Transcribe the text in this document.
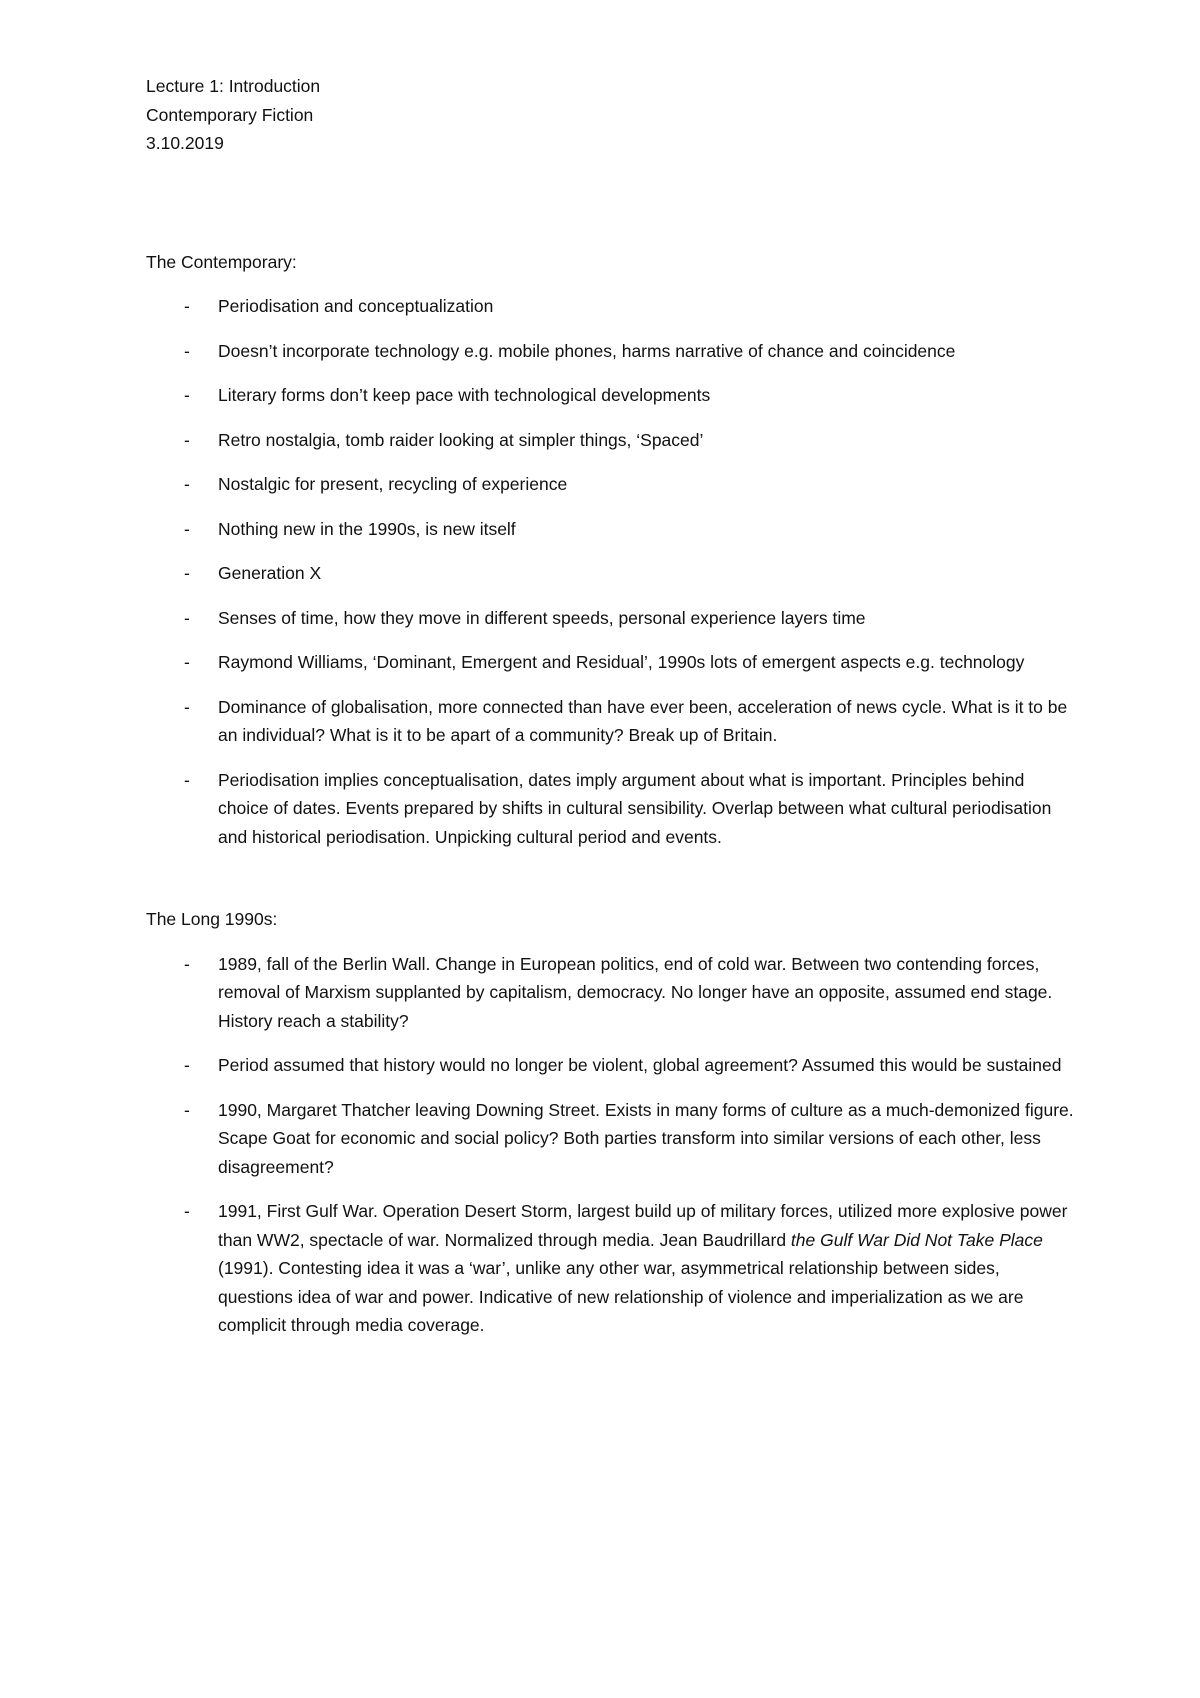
Lecture 1: Introduction
Contemporary Fiction
3.10.2019

The Contemporary:

- Periodisation and conceptualization
- Doesn’t incorporate technology e.g. mobile phones, harms narrative of chance and coincidence
- Literary forms don’t keep pace with technological developments
- Retro nostalgia, tomb raider looking at simpler things, ‘Spaced’
- Nostalgic for present, recycling of experience
- Nothing new in the 1990s, is new itself
- Generation X
- Senses of time, how they move in different speeds, personal experience layers time
- Raymond Williams, ‘Dominant, Emergent and Residual’, 1990s lots of emergent aspects e.g. technology
- Dominance of globalisation, more connected than have ever been, acceleration of news cycle. What is it to be an individual? What is it to be apart of a community? Break up of Britain.
- Periodisation implies conceptualisation, dates imply argument about what is important. Principles behind choice of dates. Events prepared by shifts in cultural sensibility. Overlap between what cultural periodisation and historical periodisation. Unpicking cultural period and events.

The Long 1990s:

- 1989, fall of the Berlin Wall. Change in European politics, end of cold war. Between two contending forces, removal of Marxism supplanted by capitalism, democracy. No longer have an opposite, assumed end stage. History reach a stability?
- Period assumed that history would no longer be violent, global agreement? Assumed this would be sustained
- 1990, Margaret Thatcher leaving Downing Street. Exists in many forms of culture as a much-demonized figure. Scape Goat for economic and social policy? Both parties transform into similar versions of each other, less disagreement?
- 1991, First Gulf War. Operation Desert Storm, largest build up of military forces, utilized more explosive power than WW2, spectacle of war. Normalized through media. Jean Baudrillard the Gulf War Did Not Take Place (1991). Contesting idea it was a ‘war’, unlike any other war, asymmetrical relationship between sides, questions idea of war and power. Indicative of new relationship of violence and imperialization as we are complicit through media coverage.
